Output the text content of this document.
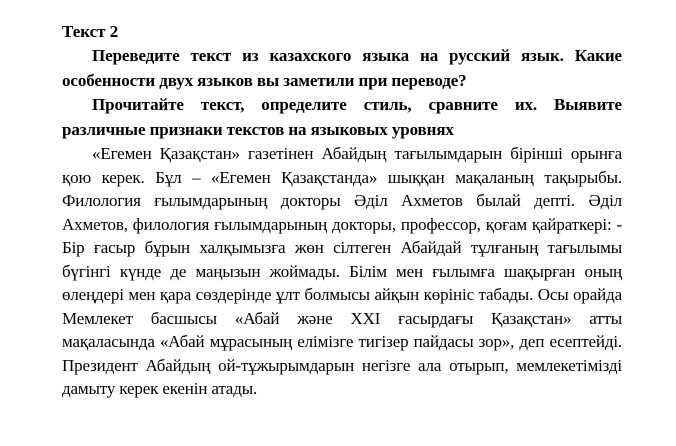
Текст 2

Переведите текст из казахского языка на русский язык. Какие особенности двух языков вы заметили при переводе?

Прочитайте текст, определите стиль, сравните их. Выявите различные признаки текстов на языковых уровнях

«Егемен Қазақстан» газетінен Абайдың тағылымдарын бірінші орынға қою керек. Бұл – «Егемен Қазақстанда» шыққан мақаланың тақырыбы. Филология ғылымдарының докторы Әділ Ахметов былай депті. Әділ Ахметов, филология ғылымдарының докторы, профессор, қоғам қайраткері: - Бір ғасыр бұрын халқымызға жөн сілтеген Абайдай тұлғаның тағылымы бүгінгі күнде де маңызын жоймады. Білім мен ғылымға шақырған оның өлеңдері мен қара сөздерінде ұлт болмысы айқын көрініс табады. Осы орайда Мемлекет басшысы «Абай және XXI ғасырдағы Қазақстан» атты мақаласында «Абай мұрасының елімізге тигізер пайдасы зор», деп есептейді. Президент Абайдың ой-тұжырымдарын негізге ала отырып, мемлекетімізді дамыту керек екенін атады.
